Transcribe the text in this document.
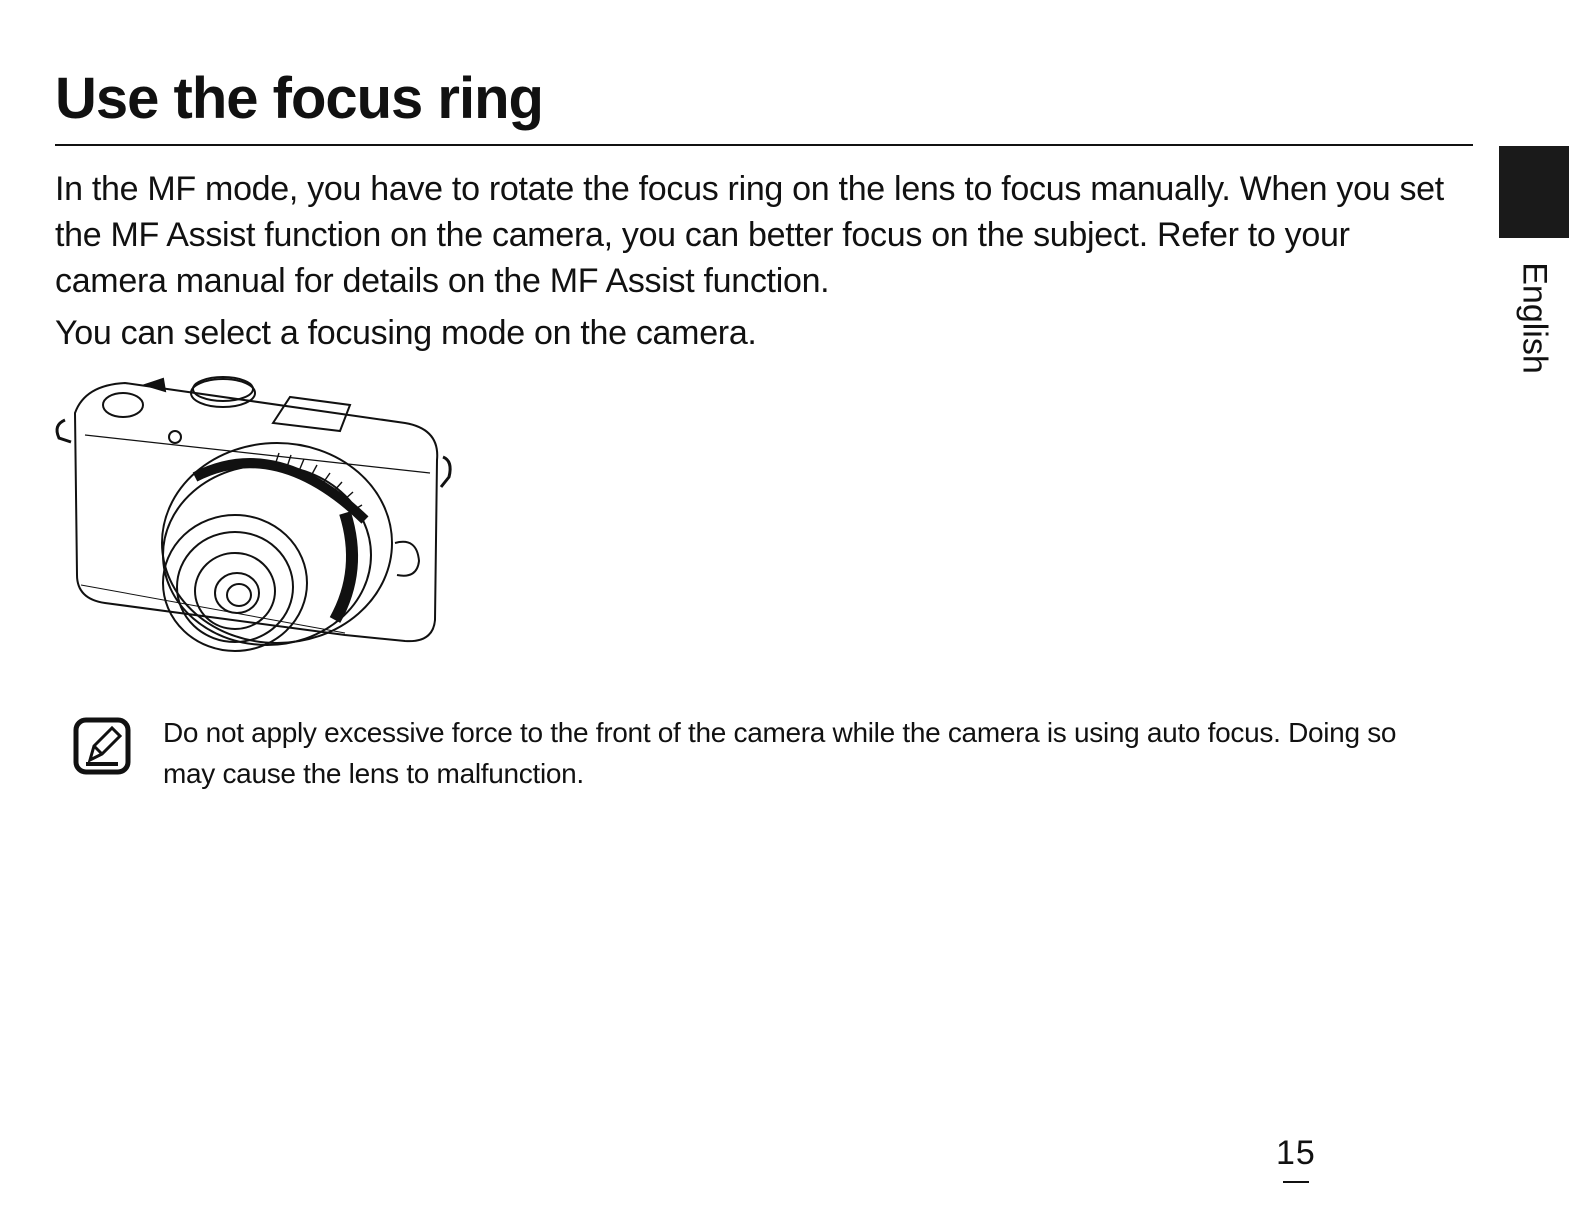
Use the focus ring
English

In the MF mode, you have to rotate the focus ring on the lens to focus manually. When you set the MF Assist function on the camera, you can better focus on the subject. Refer to your camera manual for details on the MF Assist function.

You can select a focusing mode on the camera.

Do not apply excessive force to the front of the camera while the camera is using auto focus. Doing so may cause the lens to malfunction.

15
